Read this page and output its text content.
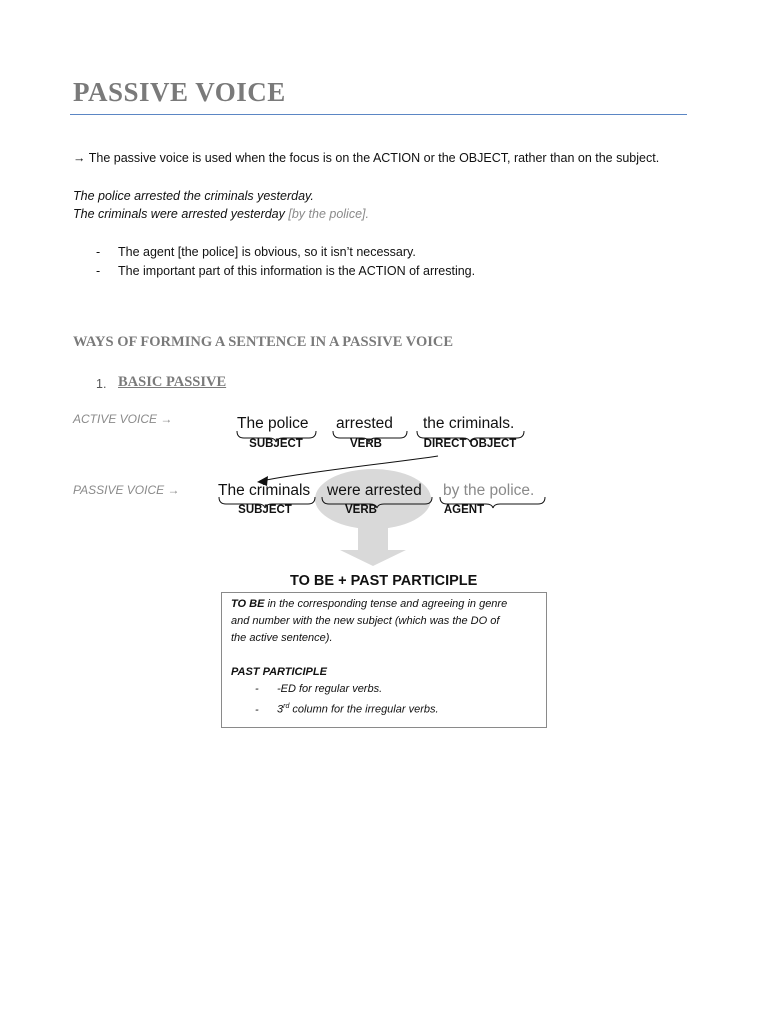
PASSIVE VOICE
→ The passive voice is used when the focus is on the ACTION or the OBJECT, rather than on the subject.
The police arrested the criminals yesterday.
The criminals were arrested yesterday [by the police].
- The agent [the police] is obvious, so it isn’t necessary.
- The important part of this information is the ACTION of arresting.
WAYS OF FORMING A SENTENCE IN A PASSIVE VOICE
1. BASIC PASSIVE
ACTIVE VOICE →	The police arrested the criminals.
SUBJECT	VERB	DIRECT OBJECT
PASSIVE VOICE → The criminals were arrested by the police.
SUBJECT	VERB	AGENT
TO BE + PAST PARTICIPLE
TO BE in the corresponding tense and agreeing in genre
and number with the new subject (which was the DO of
the active sentence).
PAST PARTICIPLE
- -ED for regular verbs.
- 3rd column for the irregular verbs.
